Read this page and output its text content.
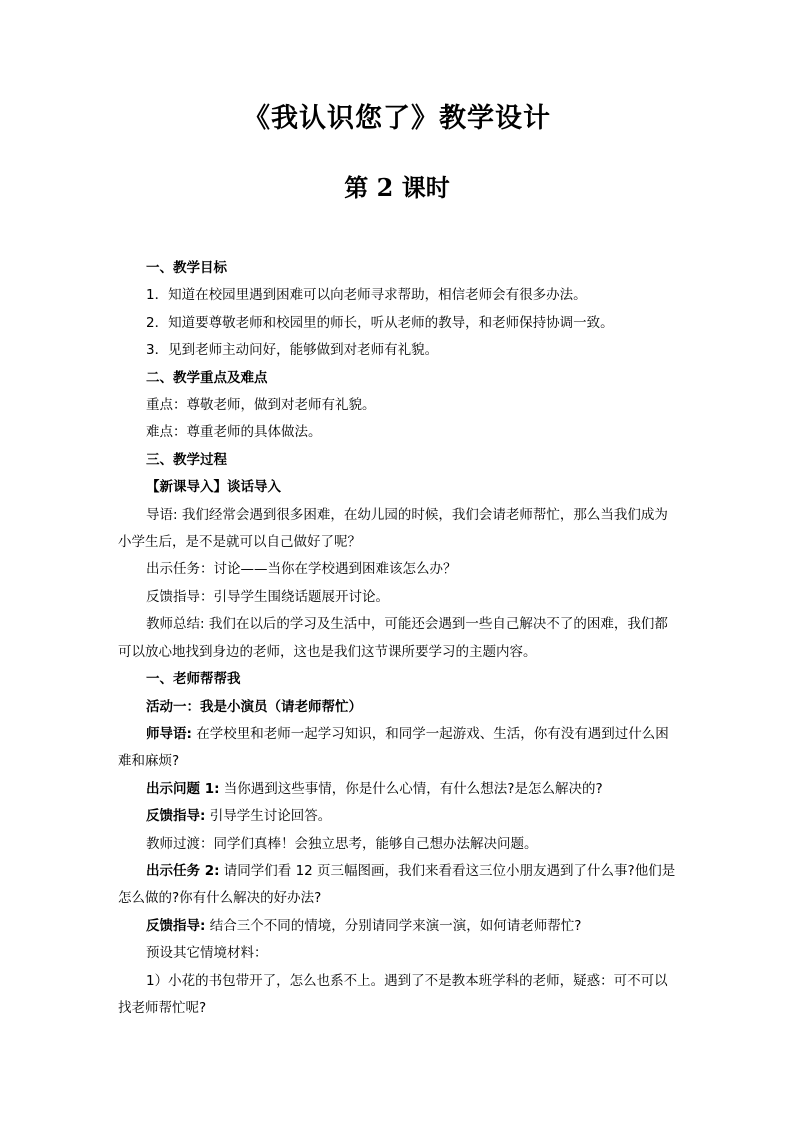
《我认识您了》教学设计
第 2 课时

一、教学目标

1．知道在校园里遇到困难可以向老师寻求帮助，相信老师会有很多办法。

2．知道要尊敬老师和校园里的师长，听从老师的教导，和老师保持协调一致。

3．见到老师主动问好，能够做到对老师有礼貌。

二、教学重点及难点

重点：尊敬老师，做到对老师有礼貌。

难点：尊重老师的具体做法。

三、教学过程

【新课导入】谈话导入

导语: 我们经常会遇到很多困难，在幼儿园的时候，我们会请老师帮忙，那么当我们成为小学生后，是不是就可以自己做好了呢？

出示任务：讨论——当你在学校遇到困难该怎么办？

反馈指导：引导学生围绕话题展开讨论。

教师总结: 我们在以后的学习及生活中，可能还会遇到一些自己解决不了的困难，我们都可以放心地找到身边的老师，这也是我们这节课所要学习的主题内容。

一、老师帮帮我

活动一：我是小演员（请老师帮忙）

师导语: 在学校里和老师一起学习知识，和同学一起游戏、生活，你有没有遇到过什么困难和麻烦?

出示问题 1: 当你遇到这些事情，你是什么心情，有什么想法?是怎么解决的?

反馈指导: 引导学生讨论回答。

教师过渡：同学们真棒！会独立思考，能够自己想办法解决问题。

出示任务 2: 请同学们看 12 页三幅图画，我们来看看这三位小朋友遇到了什么事?他们是怎么做的?你有什么解决的好办法?

反馈指导: 结合三个不同的情境，分别请同学来演一演，如何请老师帮忙?

预设其它情境材料：

1）小花的书包带开了，怎么也系不上。遇到了不是教本班学科的老师，疑惑：可不可以找老师帮忙呢?
